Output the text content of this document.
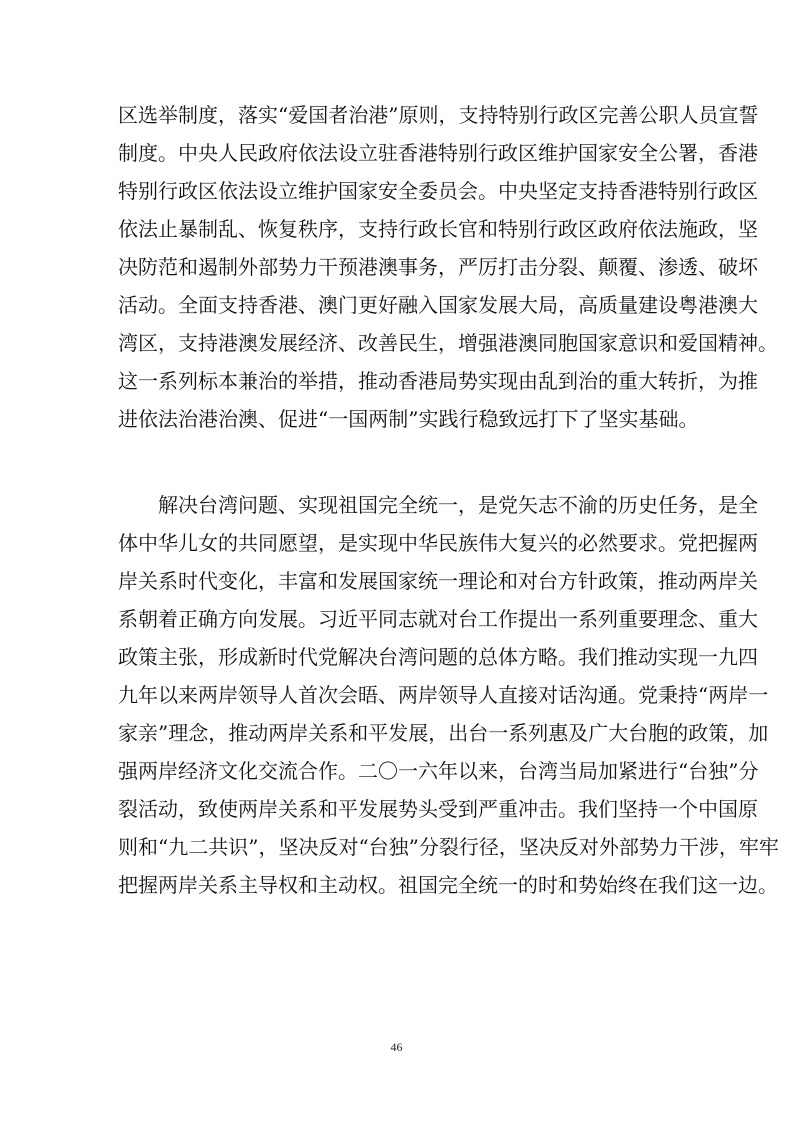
区选举制度，落实“爱国者治港”原则，支持特别行政区完善公职人员宣誓
制度。中央人民政府依法设立驻香港特别行政区维护国家安全公署，香港
特别行政区依法设立维护国家安全委员会。中央坚定支持香港特别行政区
依法止暴制乱、恢复秩序，支持行政长官和特别行政区政府依法施政，坚
决防范和遏制外部势力干预港澳事务，严厉打击分裂、颠覆、渗透、破坏
活动。全面支持香港、澳门更好融入国家发展大局，高质量建设粤港澳大
湾区，支持港澳发展经济、改善民生，增强港澳同胞国家意识和爱国精神。
这一系列标本兼治的举措，推动香港局势实现由乱到治的重大转折，为推
进依法治港治澳、促进“一国两制”实践行稳致远打下了坚实基础。
解决台湾问题、实现祖国完全统一，是党矢志不渝的历史任务，是全
体中华儿女的共同愿望，是实现中华民族伟大复兴的必然要求。党把握两
岸关系时代变化，丰富和发展国家统一理论和对台方针政策，推动两岸关
系朝着正确方向发展。习近平同志就对台工作提出一系列重要理念、重大
政策主张，形成新时代党解决台湾问题的总体方略。我们推动实现一九四
九年以来两岸领导人首次会晤、两岸领导人直接对话沟通。党秉持“两岸一
家亲”理念，推动两岸关系和平发展，出台一系列惠及广大台胞的政策，加
强两岸经济文化交流合作。二〇一六年以来，台湾当局加紧进行“台独”分
裂活动，致使两岸关系和平发展势头受到严重冲击。我们坚持一个中国原
则和“九二共识”，坚决反对“台独”分裂行径，坚决反对外部势力干涉，牢牢
把握两岸关系主导权和主动权。祖国完全统一的时和势始终在我们这一边。
46
